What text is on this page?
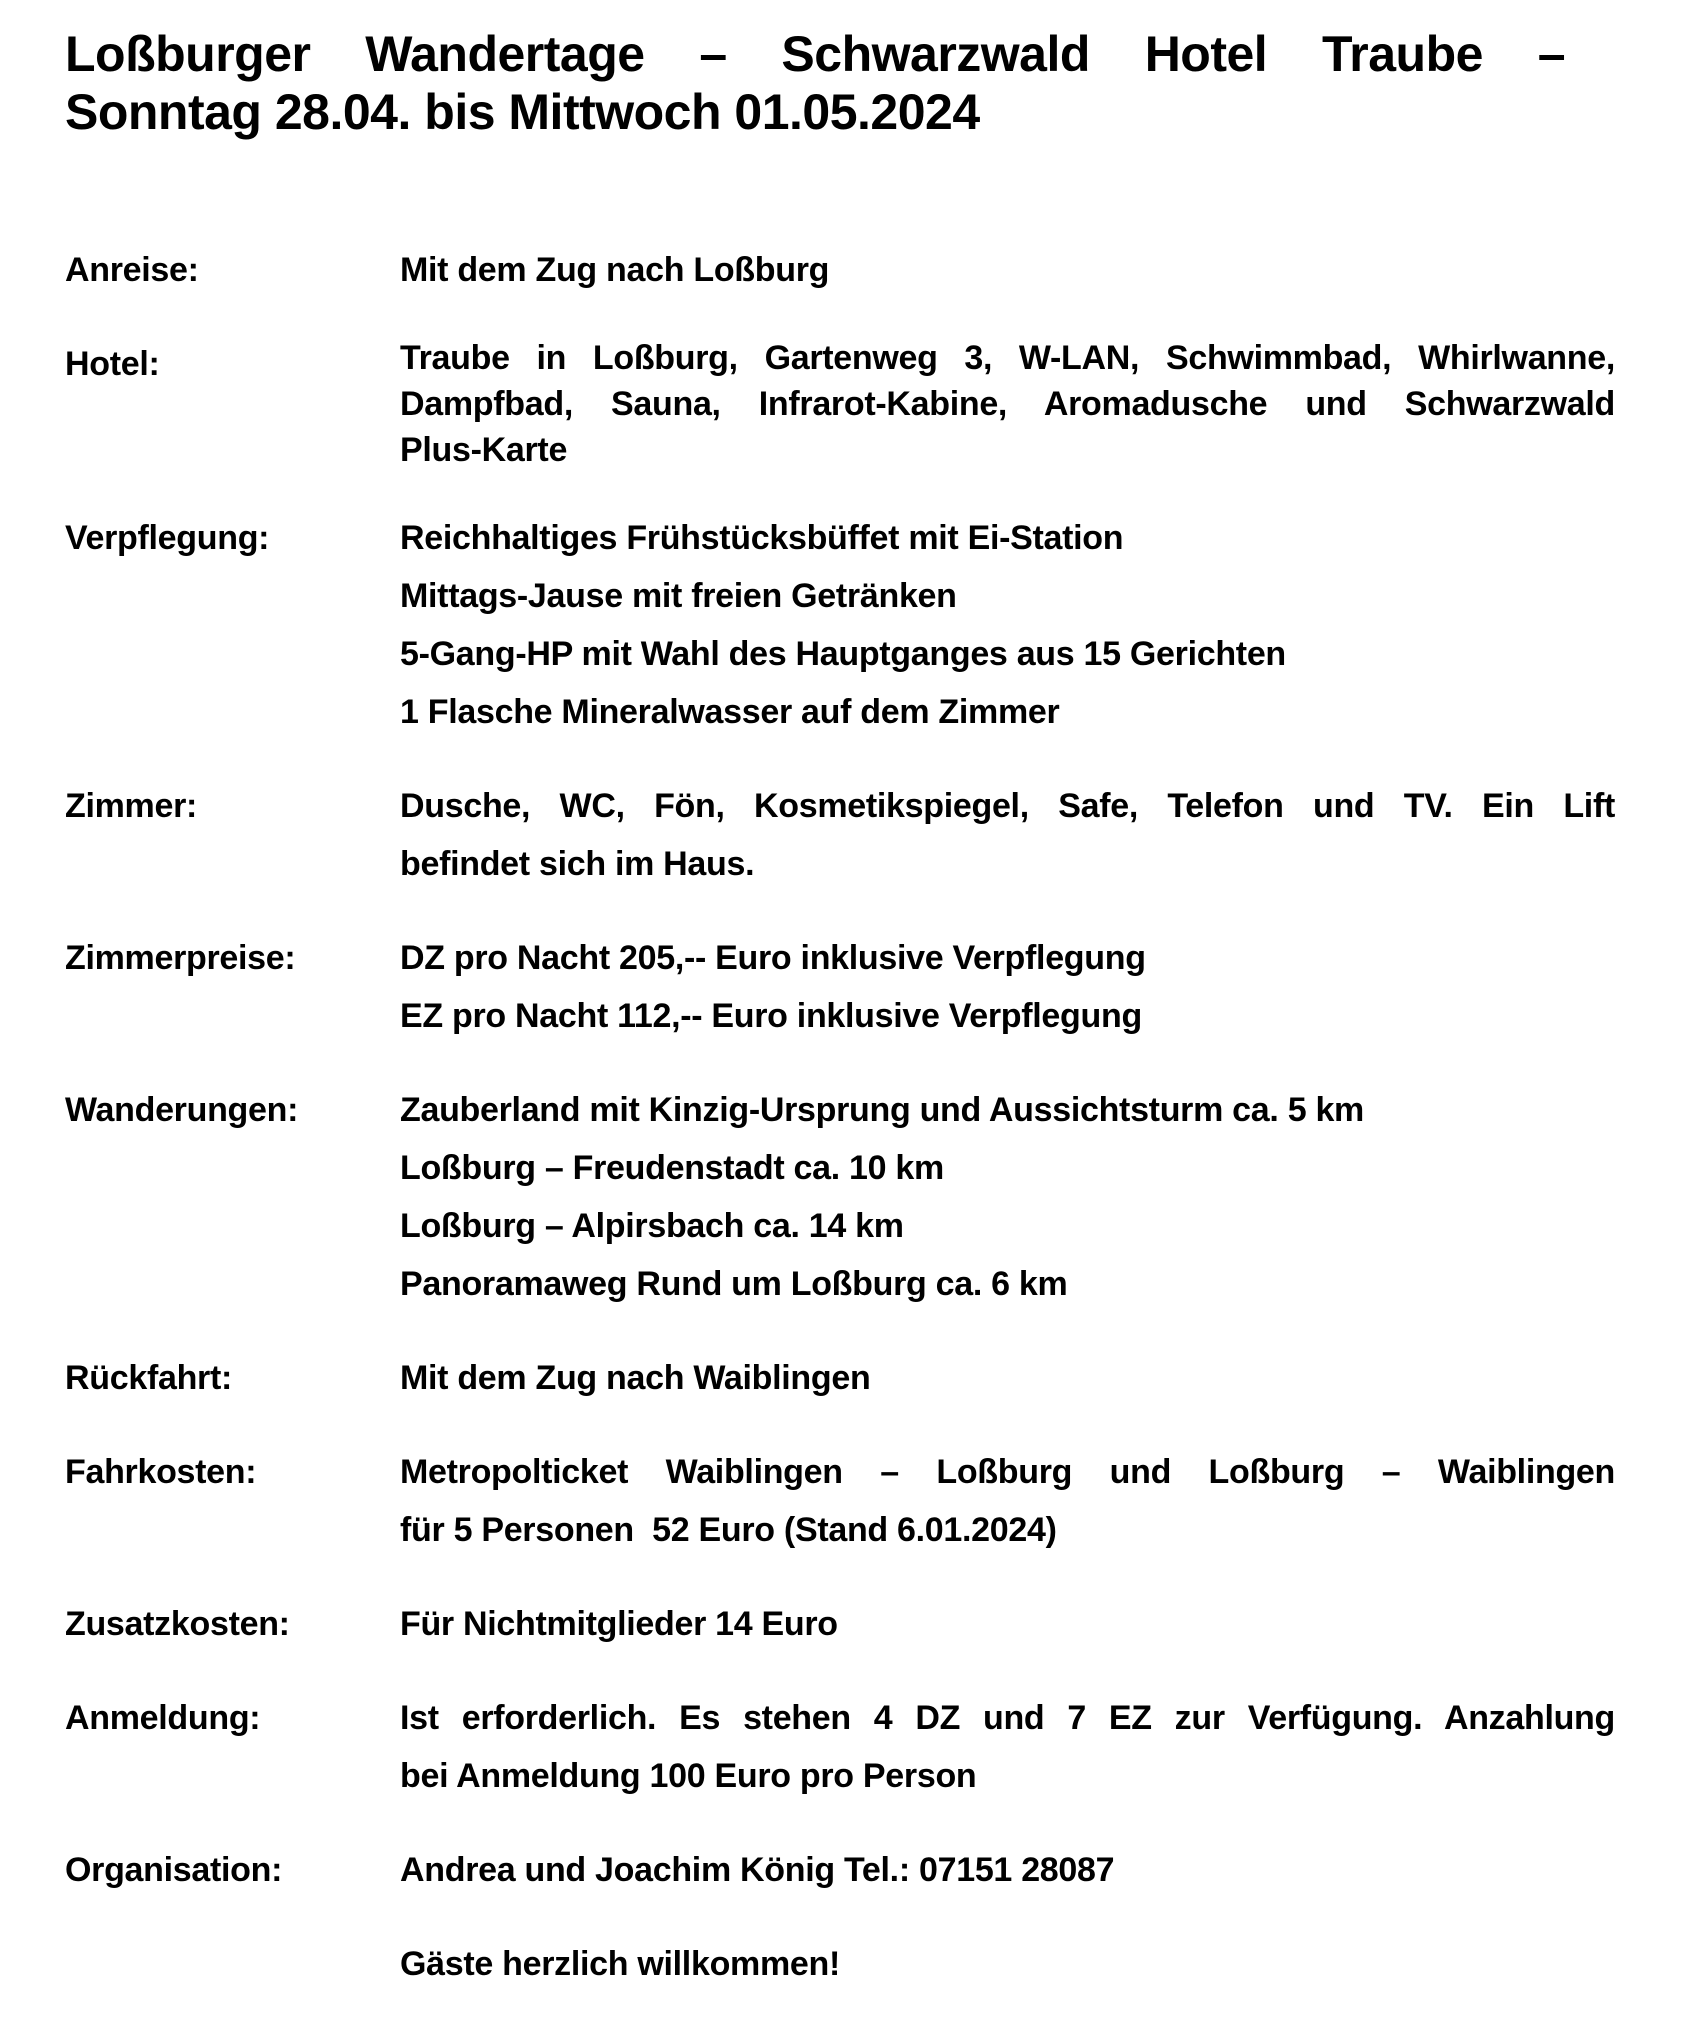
Loßburger Wandertage – Schwarzwald Hotel Traube –
Sonntag 28.04. bis Mittwoch 01.05.2024
Anreise:	Mit dem Zug nach Loßburg
Hotel:	Traube in Loßburg, Gartenweg 3, W-LAN, Schwimmbad, Whirlwanne,
Dampfbad, Sauna, Infrarot-Kabine, Aromadusche und Schwarzwald
Plus-Karte
Verpflegung:	Reichhaltiges Frühstücksbüffet mit Ei-Station
Mittags-Jause mit freien Getränken
5-Gang-HP mit Wahl des Hauptganges aus 15 Gerichten
1 Flasche Mineralwasser auf dem Zimmer
Zimmer:	Dusche, WC, Fön, Kosmetikspiegel, Safe, Telefon und TV. Ein Lift
befindet sich im Haus.
Zimmerpreise:	DZ pro Nacht 205,-- Euro inklusive Verpflegung
EZ pro Nacht 112,-- Euro inklusive Verpflegung
Wanderungen:	Zauberland mit Kinzig-Ursprung und Aussichtsturm ca. 5 km
Loßburg – Freudenstadt ca. 10 km
Loßburg – Alpirsbach ca. 14 km
Panoramaweg Rund um Loßburg ca. 6 km
Rückfahrt:	Mit dem Zug nach Waiblingen
Fahrkosten:	Metropolticket Waiblingen – Loßburg und Loßburg – Waiblingen
für 5 Personen  52 Euro (Stand 6.01.2024)
Zusatzkosten:	Für Nichtmitglieder 14 Euro
Anmeldung:	Ist erforderlich. Es stehen 4 DZ und 7 EZ zur Verfügung. Anzahlung
bei Anmeldung 100 Euro pro Person
Organisation:	Andrea und Joachim König Tel.: 07151 28087
Gäste herzlich willkommen!
